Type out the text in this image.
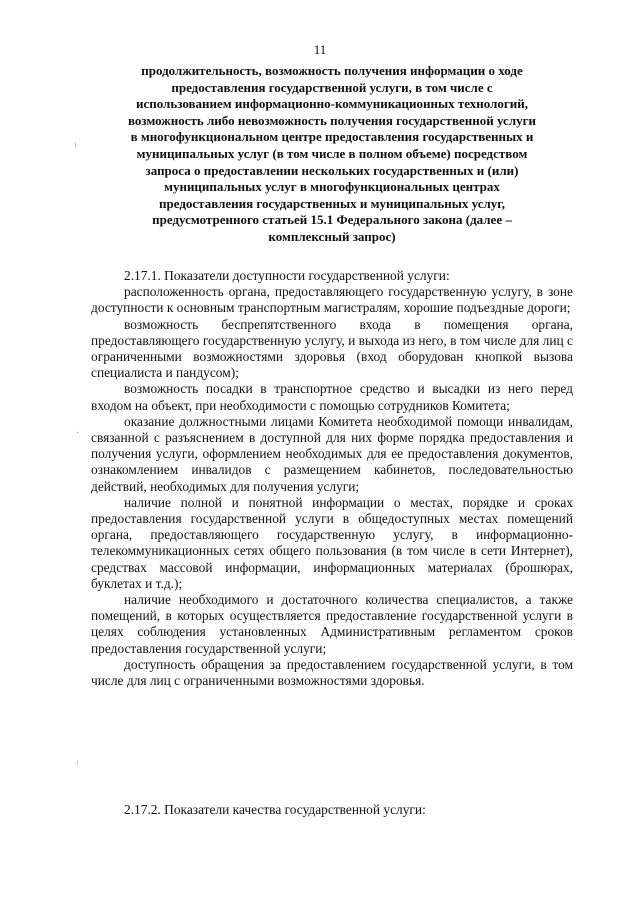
11
продолжительность, возможность получения информации о ходе
предоставления государственной услуги, в том числе с
использованием информационно-коммуникационных технологий,
возможность либо невозможность получения государственной услуги
в многофункциональном центре предоставления государственных и
муниципальных услуг (в том числе в полном объеме) посредством
запроса о предоставлении нескольких государственных и (или)
муниципальных услуг в многофункциональных центрах
предоставления государственных и муниципальных услуг,
предусмотренного статьей 15.1 Федерального закона (далее –
комплексный запрос)

2.17.1. Показатели доступности государственной услуги:

расположенность органа, предоставляющего государственную услугу, в зоне доступности к основным транспортным магистралям, хорошие подъездные дороги;

возможность беспрепятственного входа в помещения органа, предоставляющего государственную услугу, и выхода из него, в том числе для лиц с ограниченными возможностями здоровья (вход оборудован кнопкой вызова специалиста и пандусом);

возможность посадки в транспортное средство и высадки из него перед входом на объект, при необходимости с помощью сотрудников Комитета;

оказание должностными лицами Комитета необходимой помощи инвалидам, связанной с разъяснением в доступной для них форме порядка предоставления и получения услуги, оформлением необходимых для ее предоставления документов, ознакомлением инвалидов с размещением кабинетов, последовательностью действий, необходимых для получения услуги;

наличие полной и понятной информации о местах, порядке и сроках предоставления государственной услуги в общедоступных местах помещений органа, предоставляющего государственную услугу, в информационно-телекоммуникационных сетях общего пользования (в том числе в сети Интернет), средствах массовой информации, информационных материалах (брошюрах, буклетах и т.д.);

наличие необходимого и достаточного количества специалистов, а также помещений, в которых осуществляется предоставление государственной услуги в целях соблюдения установленных Административным регламентом сроков предоставления государственной услуги;

доступность обращения за предоставлением государственной услуги, в том числе для лиц с ограниченными возможностями здоровья.

2.17.2. Показатели качества государственной услуги:

⁾
·
⁾
